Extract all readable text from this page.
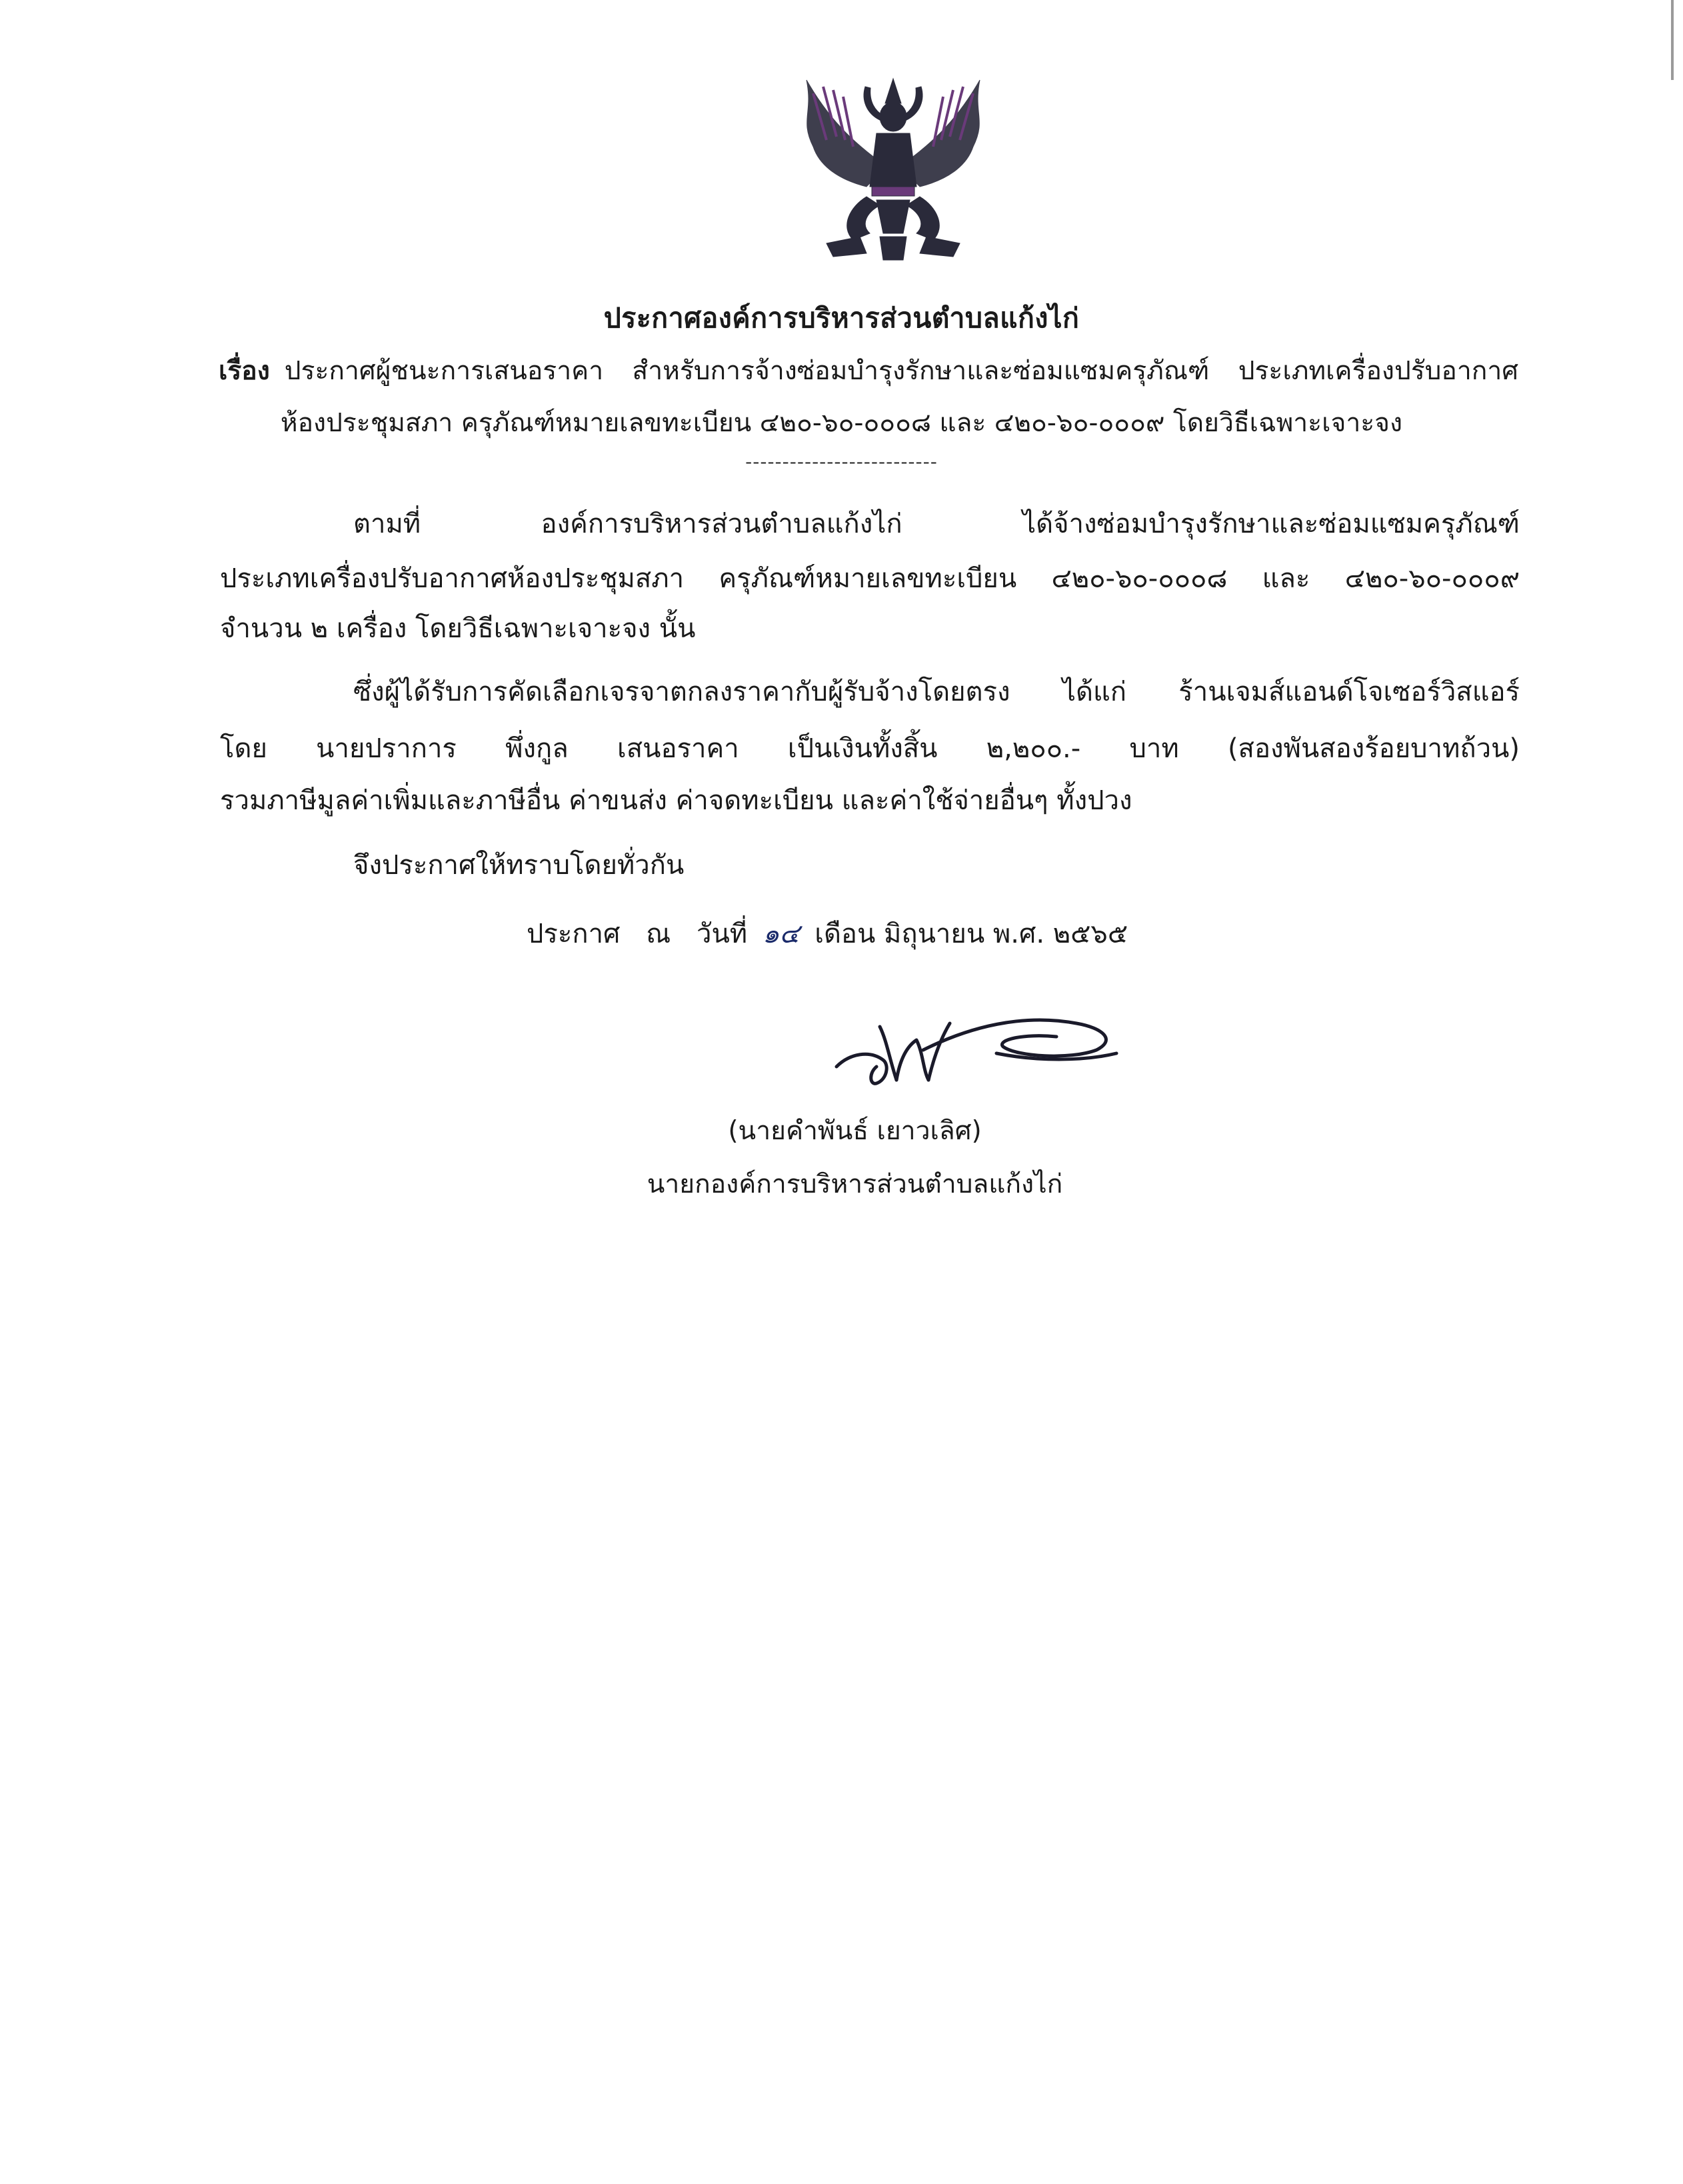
ประกาศองค์การบริหารส่วนตำบลแก้งไก่
เรื่อง ประกาศผู้ชนะการเสนอราคา สำหรับการจ้างซ่อมบำรุงรักษาและซ่อมแซมครุภัณฑ์ ประเภทเครื่องปรับอากาศ
ห้องประชุมสภา ครุภัณฑ์หมายเลขทะเบียน ๔๒๐-๖๐-๐๐๐๘ และ ๔๒๐-๖๐-๐๐๐๙ โดยวิธีเฉพาะเจาะจง
--------------------------
ตามที่ องค์การบริหารส่วนตำบลแก้งไก่ ได้จ้างซ่อมบำรุงรักษาและซ่อมแซมครุภัณฑ์
ประเภทเครื่องปรับอากาศห้องประชุมสภา ครุภัณฑ์หมายเลขทะเบียน ๔๒๐-๖๐-๐๐๐๘ และ ๔๒๐-๖๐-๐๐๐๙
จำนวน ๒ เครื่อง โดยวิธีเฉพาะเจาะจง นั้น
ซึ่งผู้ได้รับการคัดเลือกเจรจาตกลงราคากับผู้รับจ้างโดยตรง ได้แก่ ร้านเจมส์แอนด์โจเซอร์วิสแอร์
โดย นายปราการ พึ่งกูล เสนอราคา เป็นเงินทั้งสิ้น ๒,๒๐๐.- บาท (สองพันสองร้อยบาทถ้วน)
รวมภาษีมูลค่าเพิ่มและภาษีอื่น ค่าขนส่ง ค่าจดทะเบียน และค่าใช้จ่ายอื่นๆ ทั้งปวง
จึงประกาศให้ทราบโดยทั่วกัน
ประกาศ ณ วันที่ ๑๔ เดือน มิถุนายน พ.ศ. ๒๕๖๕
(นายคำพันธ์ เยาวเลิศ)
นายกองค์การบริหารส่วนตำบลแก้งไก่
